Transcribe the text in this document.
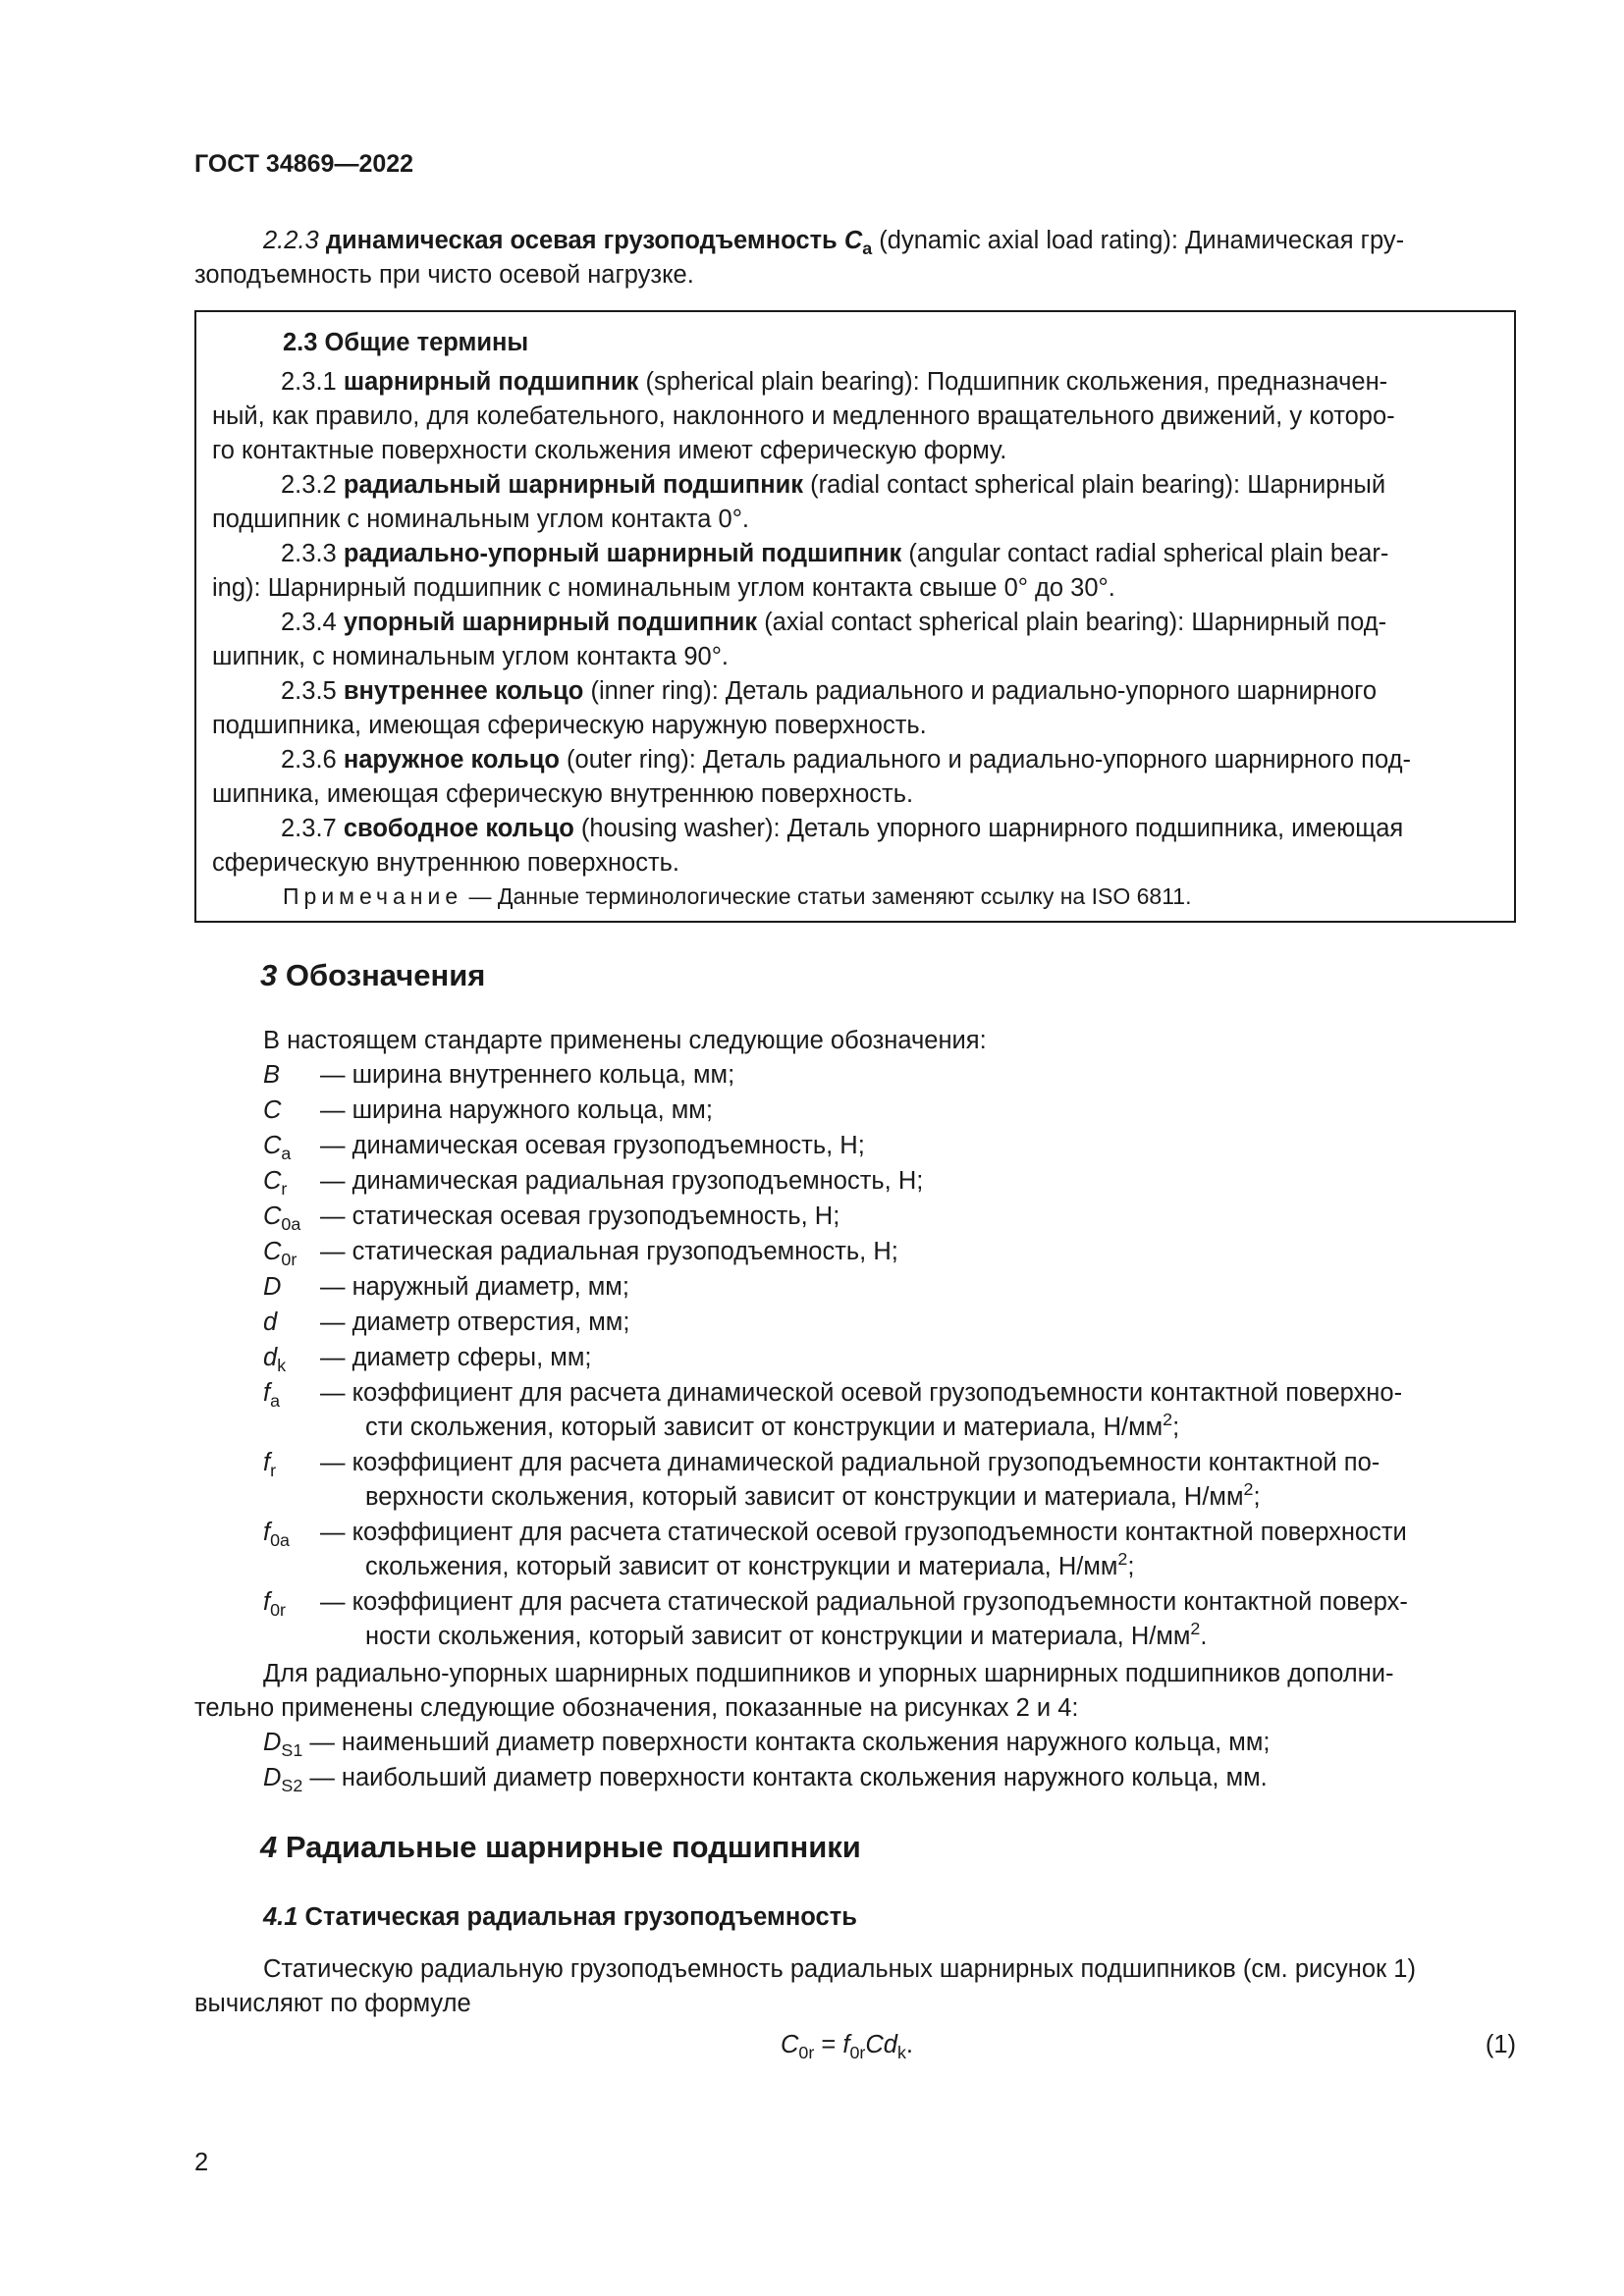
ГОСТ 34869—2022
2.2.3 динамическая осевая грузоподъемность $C_a$ (dynamic axial load rating): Динамическая гру-
зоподъемность при чисто осевой нагрузке.
2.3 Общие термины
2.3.1 шарнирный подшипник (spherical plain bearing): Подшипник скольжения, предназначен-
ный, как правило, для колебательного, наклонного и медленного вращательного движений, у которо-
го контактные поверхности скольжения имеют сферическую форму.
2.3.2 радиальный шарнирный подшипник (radial contact spherical plain bearing): Шарнирный
подшипник с номинальным углом контакта 0°.
2.3.3 радиально-упорный шарнирный подшипник (angular contact radial spherical plain bear-
ing): Шарнирный подшипник с номинальным углом контакта свыше 0° до 30°.
2.3.4 упорный шарнирный подшипник (axial contact spherical plain bearing): Шарнирный под-
шипник, с номинальным углом контакта 90°.
2.3.5 внутреннее кольцо (inner ring): Деталь радиального и радиально-упорного шарнирного
подшипника, имеющая сферическую наружную поверхность.
2.3.6 наружное кольцо (outer ring): Деталь радиального и радиально-упорного шарнирного под-
шипника, имеющая сферическую внутреннюю поверхность.
2.3.7 свободное кольцо (housing washer): Деталь упорного шарнирного подшипника, имеющая
сферическую внутреннюю поверхность.
Примечание — Данные терминологические статьи заменяют ссылку на ISO 6811.
3 Обозначения
В настоящем стандарте применены следующие обозначения:
Для радиально-упорных шарнирных подшипников и упорных шарнирных подшипников дополни-
тельно применены следующие обозначения, показанные на рисунках 2 и 4:
4 Радиальные шарнирные подшипники
4.1 Статическая радиальная грузоподъемность
Статическую радиальную грузоподъемность радиальных шарнирных подшипников (см. рисунок 1)
вычисляют по формуле
$C_{0r} = f_{0r}Cd_k$.	(1)
2
B — ширина внутреннего кольца, мм;
C — ширина наружного кольца, мм;
$C_a$ — динамическая осевая грузоподъемность, Н;
$C_r$ — динамическая радиальная грузоподъемность, Н;
$C_{0a}$ — статическая осевая грузоподъемность, Н;
$C_{0r}$ — статическая радиальная грузоподъемность, Н;
D — наружный диаметр, мм;
d — диаметр отверстия, мм;
$d_k$ — диаметр сферы, мм;
$f_a$ — коэффициент для расчета динамической осевой грузоподъемности контактной поверхно-
сти скольжения, который зависит от конструкции и материала, $Н/мм^2$;
$f_r$ — коэффициент для расчета динамической радиальной грузоподъемности контактной по-
верхности скольжения, который зависит от конструкции и материала, $Н/мм^2$;
$f_{0a}$ — коэффициент для расчета статической осевой грузоподъемности контактной поверхности
скольжения, который зависит от конструкции и материала, $Н/мм^2$;
$f_{0r}$ — коэффициент для расчета статической радиальной грузоподъемности контактной поверх-
ности скольжения, который зависит от конструкции и материала, $Н/мм^2$.
$D_{S1}$ — наименьший диаметр поверхности контакта скольжения наружного кольца, мм;
$D_{S2}$ — наибольший диаметр поверхности контакта скольжения наружного кольца, мм.
